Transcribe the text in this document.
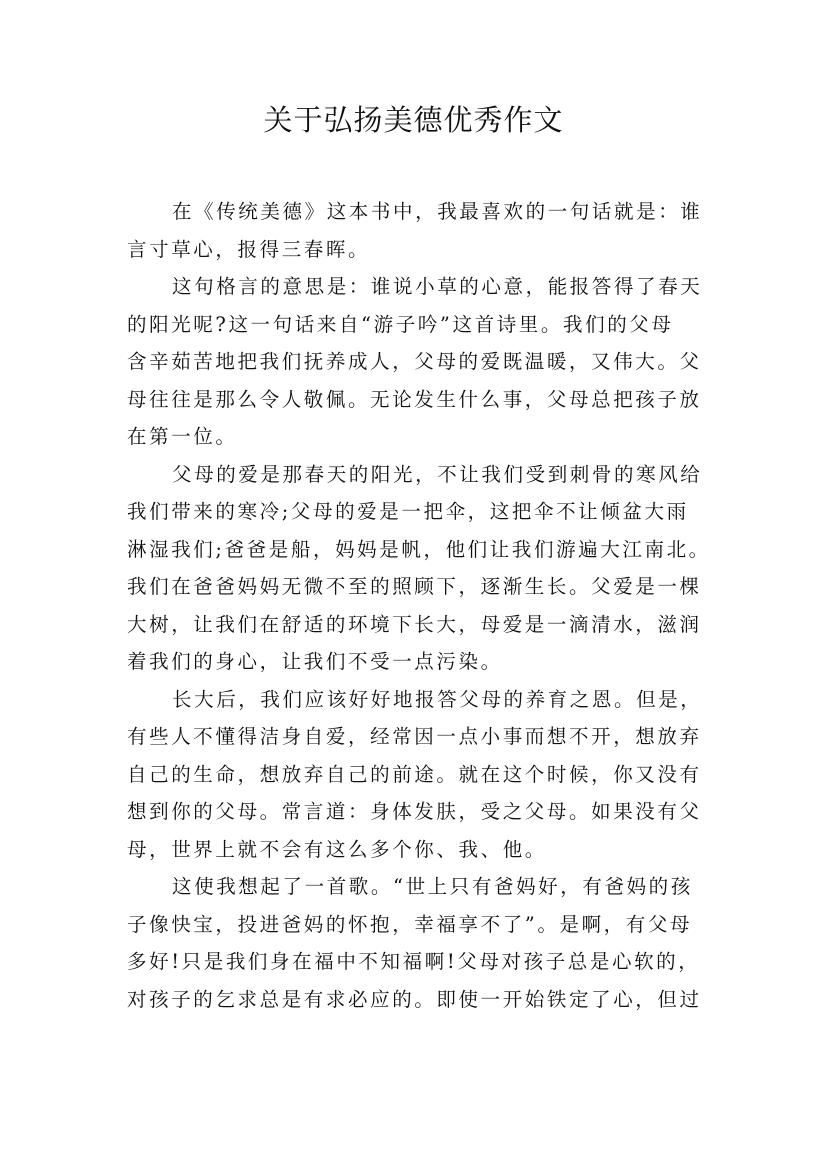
关于弘扬美德优秀作文
在《传统美德》这本书中，我最喜欢的一句话就是：谁
言寸草心，报得三春晖。
这句格言的意思是：谁说小草的心意，能报答得了春天
的阳光呢?这一句话来自“游子吟”这首诗里。我们的父母
含辛茹苦地把我们抚养成人，父母的爱既温暖，又伟大。父
母往往是那么令人敬佩。无论发生什么事，父母总把孩子放
在第一位。
父母的爱是那春天的阳光，不让我们受到刺骨的寒风给
我们带来的寒冷;父母的爱是一把伞，这把伞不让倾盆大雨
淋湿我们;爸爸是船，妈妈是帆，他们让我们游遍大江南北。
我们在爸爸妈妈无微不至的照顾下，逐渐生长。父爱是一棵
大树，让我们在舒适的环境下长大，母爱是一滴清水，滋润
着我们的身心，让我们不受一点污染。
长大后，我们应该好好地报答父母的养育之恩。但是，
有些人不懂得洁身自爱，经常因一点小事而想不开，想放弃
自己的生命，想放弃自己的前途。就在这个时候，你又没有
想到你的父母。常言道：身体发肤，受之父母。如果没有父
母，世界上就不会有这么多个你、我、他。
这使我想起了一首歌。“世上只有爸妈好，有爸妈的孩
子像快宝，投进爸妈的怀抱，幸福享不了”。是啊，有父母
多好!只是我们身在福中不知福啊!父母对孩子总是心软的，
对孩子的乞求总是有求必应的。即使一开始铁定了心，但过
